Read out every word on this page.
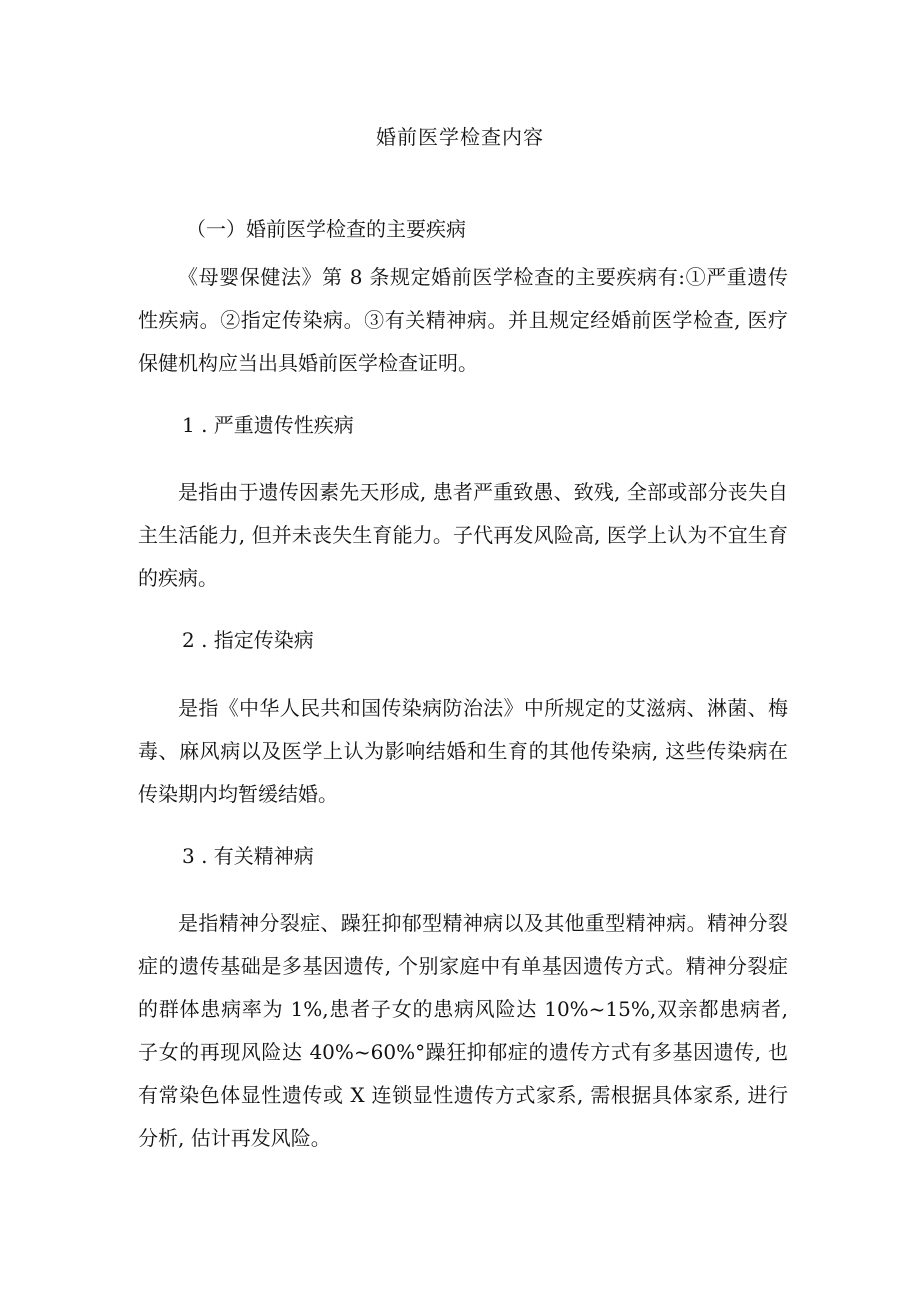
婚前医学检查内容
（一）婚前医学检查的主要疾病

《母婴保健法》第 8 条规定婚前医学检查的主要疾病有:①严重遗传性疾病。②指定传染病。③有关精神病。并且规定经婚前医学检查, 医疗保健机构应当出具婚前医学检查证明。

1 . 严重遗传性疾病

是指由于遗传因素先天形成, 患者严重致愚、致残, 全部或部分丧失自主生活能力, 但并未丧失生育能力。子代再发风险高, 医学上认为不宜生育的疾病。

2 . 指定传染病

是指《中华人民共和国传染病防治法》中所规定的艾滋病、淋菌、梅毒、麻风病以及医学上认为影响结婚和生育的其他传染病, 这些传染病在传染期内均暂缓结婚。

3 . 有关精神病

是指精神分裂症、躁狂抑郁型精神病以及其他重型精神病。精神分裂症的遗传基础是多基因遗传, 个别家庭中有单基因遗传方式。精神分裂症的群体患病率为 1%,患者子女的患病风险达 10%~15%,双亲都患病者, 子女的再现风险达 40%~60%°躁狂抑郁症的遗传方式有多基因遗传, 也有常染色体显性遗传或 X 连锁显性遗传方式家系, 需根据具体家系, 进行分析, 估计再发风险。
